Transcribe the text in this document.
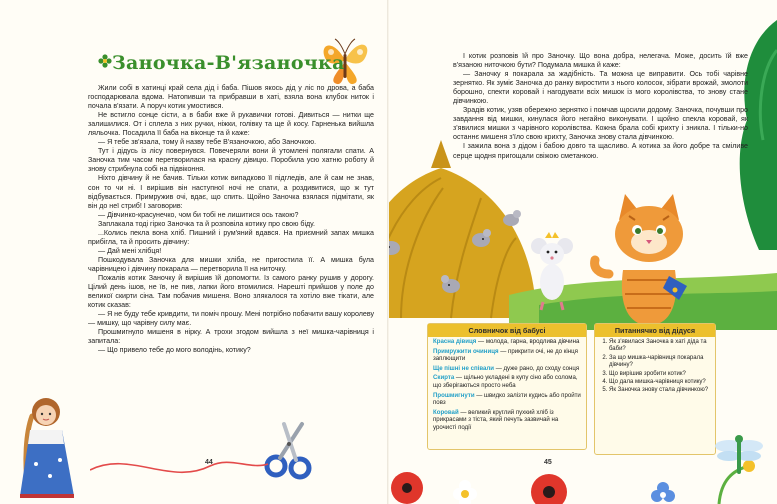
Заночка-В'язаночка

Жили собі в хатинці край села дід і баба. Пішов якось дід у ліс по дрова, а баба господарювала вдома. Натопивши та прибравши в хаті, взяла вона клубок ниток і почала в'язати. А поруч котик умостився.

Не встигло сонце сісти, а в баби вже й рукавички готові. Дивиться — нитки ще залишилися. От і сплела з них ручки, ніжки, голівку та ще й косу. Гарненька вийшла ляльочка. Посадила її баба на віконце та й каже:

— Я тебе зв'язала, тому й назву тебе В'язаночкою, або Заночкою.

Тут і дідусь із лісу повернувся. Повечеряли вони й утомлені полягали спати. А Заночка тим часом перетворилася на красну дівицю. Поробила усю хатню роботу й знову стрибнула собі на підвіконня.

Ніхто дівчину й не бачив. Тільки котик випадково її підгледів, але й сам не знав, сон то чи ні. І вирішив він наступної ночі не спати, а роздивитися, що ж тут відбувається. Примружив очі, вдає, що спить. Щойно Заночка взялася підмітати, як він до неї стриб! І заговорив:

— Дівчинко-красунечко, чом би тобі не лишитися ось такою?

Заплакала тоді гірко Заночка та й розповіла котику про свою біду.

...Колись пекла вона хліб. Пишний і рум'яний вдався. На приємний запах мишка прибігла, та й просить дівчину:

— Дай мені хлібця!

Пошкодувала Заночка для мишки хліба, не пригостила її. А мишка була чарівницею і дівчину покарала — перетворила її на ниточку.

Пожалів котик Заночку й вирішив їй допомогти. Із самого ранку рушив у дорогу. Цілий день ішов, не їв, не пив, лапки його втомилися. Нарешті прийшов у поле до великої скирти сіна. Там побачив мишеня. Воно злякалося та хотіло вже тікати, але котик сказав:

— Я не буду тебе кривдити, ти поміч прошу. Мені потрібно побачити вашу королеву — мишку, що чарівну силу має.

Прошмигнуло мишеня в нірку. А трохи згодом вийшла з неї мишка-чарівниця і запитала:

— Що привело тебе до мого володінь, котику?

44

І котик розповів їй про Заночку. Що вона добра, нелегача. Може, досить їй вже в'язаною ниточкою бути? Подумала мишка й каже:

— Заночку я покарала за жадібність. Та можна це виправити. Ось тобі чарівне зернятко. Як зуміє Заночка до ранку виростити з нього колосок, зібрати врожай, змолоти борошно, спекти коровай і нагодувати всіх мишок із мого королівства, то знову стане дівчинкою.

Зрадів котик, узяв обережно зернятко і помчав щосили додому. Заночка, почувши про завдання від мишки, кинулася його негайно виконувати. І щойно спекла коровай, як з'явилися мишки з чарівного королівства. Кожна брала собі крихту і зникла. І тільки-но останнє мишеня з'їло свою крихту, Заночка знову стала дівчинкою.

І зажила вона з дідом і бабою довго та щасливо. А котика за його добре та сміливе серце щодня пригощали свіжою сметанкою.

Словничок від бабусі
Красна дівиця — молода, гарна, вродлива дівчина
Примружити очиниця — прикрити очі, не до кінця заплющити
Ще пішні не співали — дуже рано, до сходу сонця
Скирта — щільно укладені в купу сіно або солома, що зберігаються просто неба
Прошмигнути — швидко залізти кудись або пройти повз
Коровай — великий круглий пухкий хліб із прикрасами з тіста, який печуть зазвичай на урочисті події
Питаннячко від дідуся
1. Як з'явилася Заночка в хаті діда та баби?
2. За що мишка-чарівниця покарала дівчину?
3. Що вирішив зробити котик?
4. Що дала мишка-чарівниця котику?
5. Як Заночка знову стала дівчинкою?
45
